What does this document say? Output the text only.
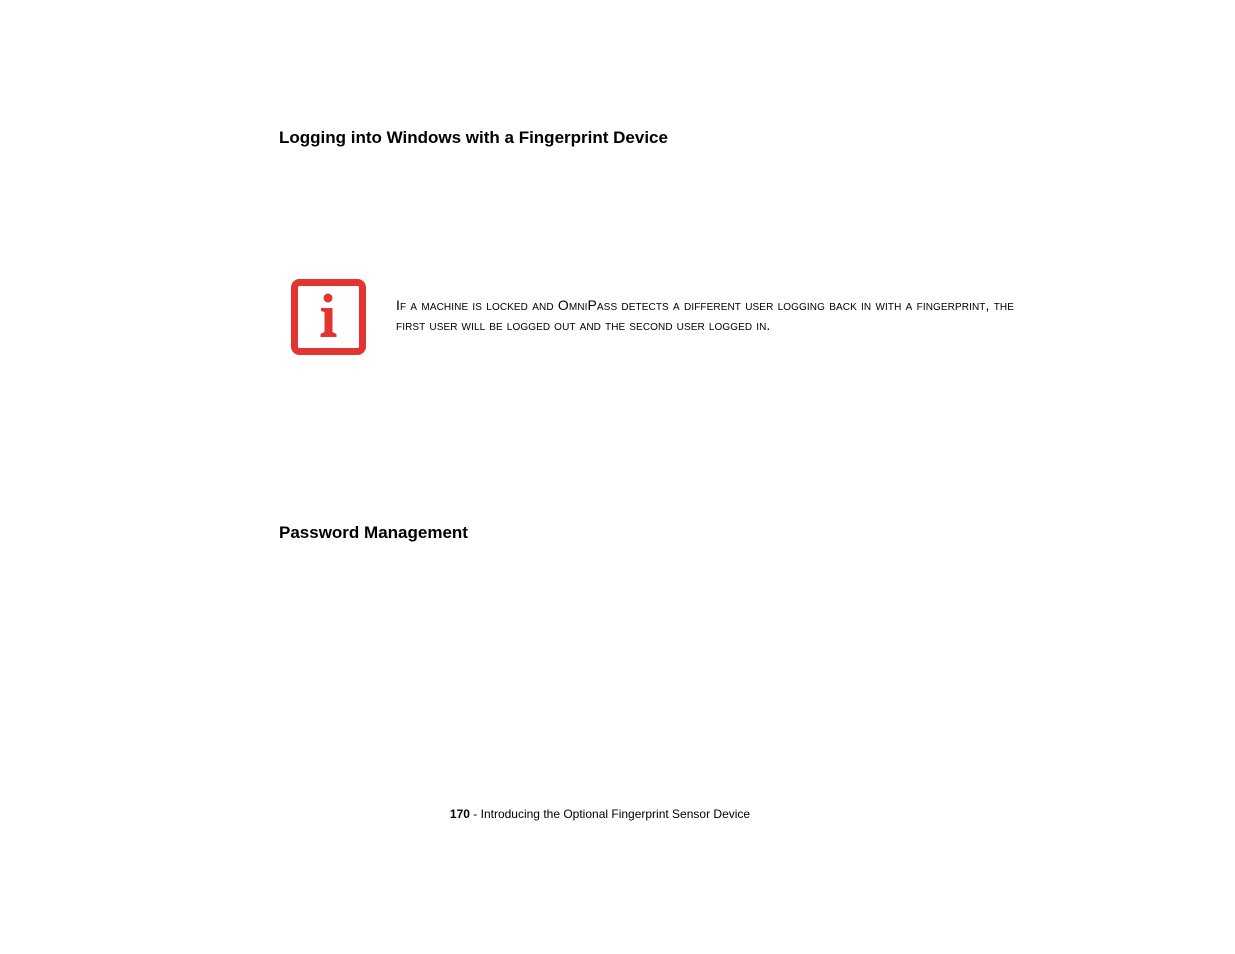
Logging into Windows with a Fingerprint Device

If a machine is locked and OmniPass detects a different user logging back in with a fingerprint, the first user will be logged out and the second user logged in.

Password Management
170 - Introducing the Optional Fingerprint Sensor Device
